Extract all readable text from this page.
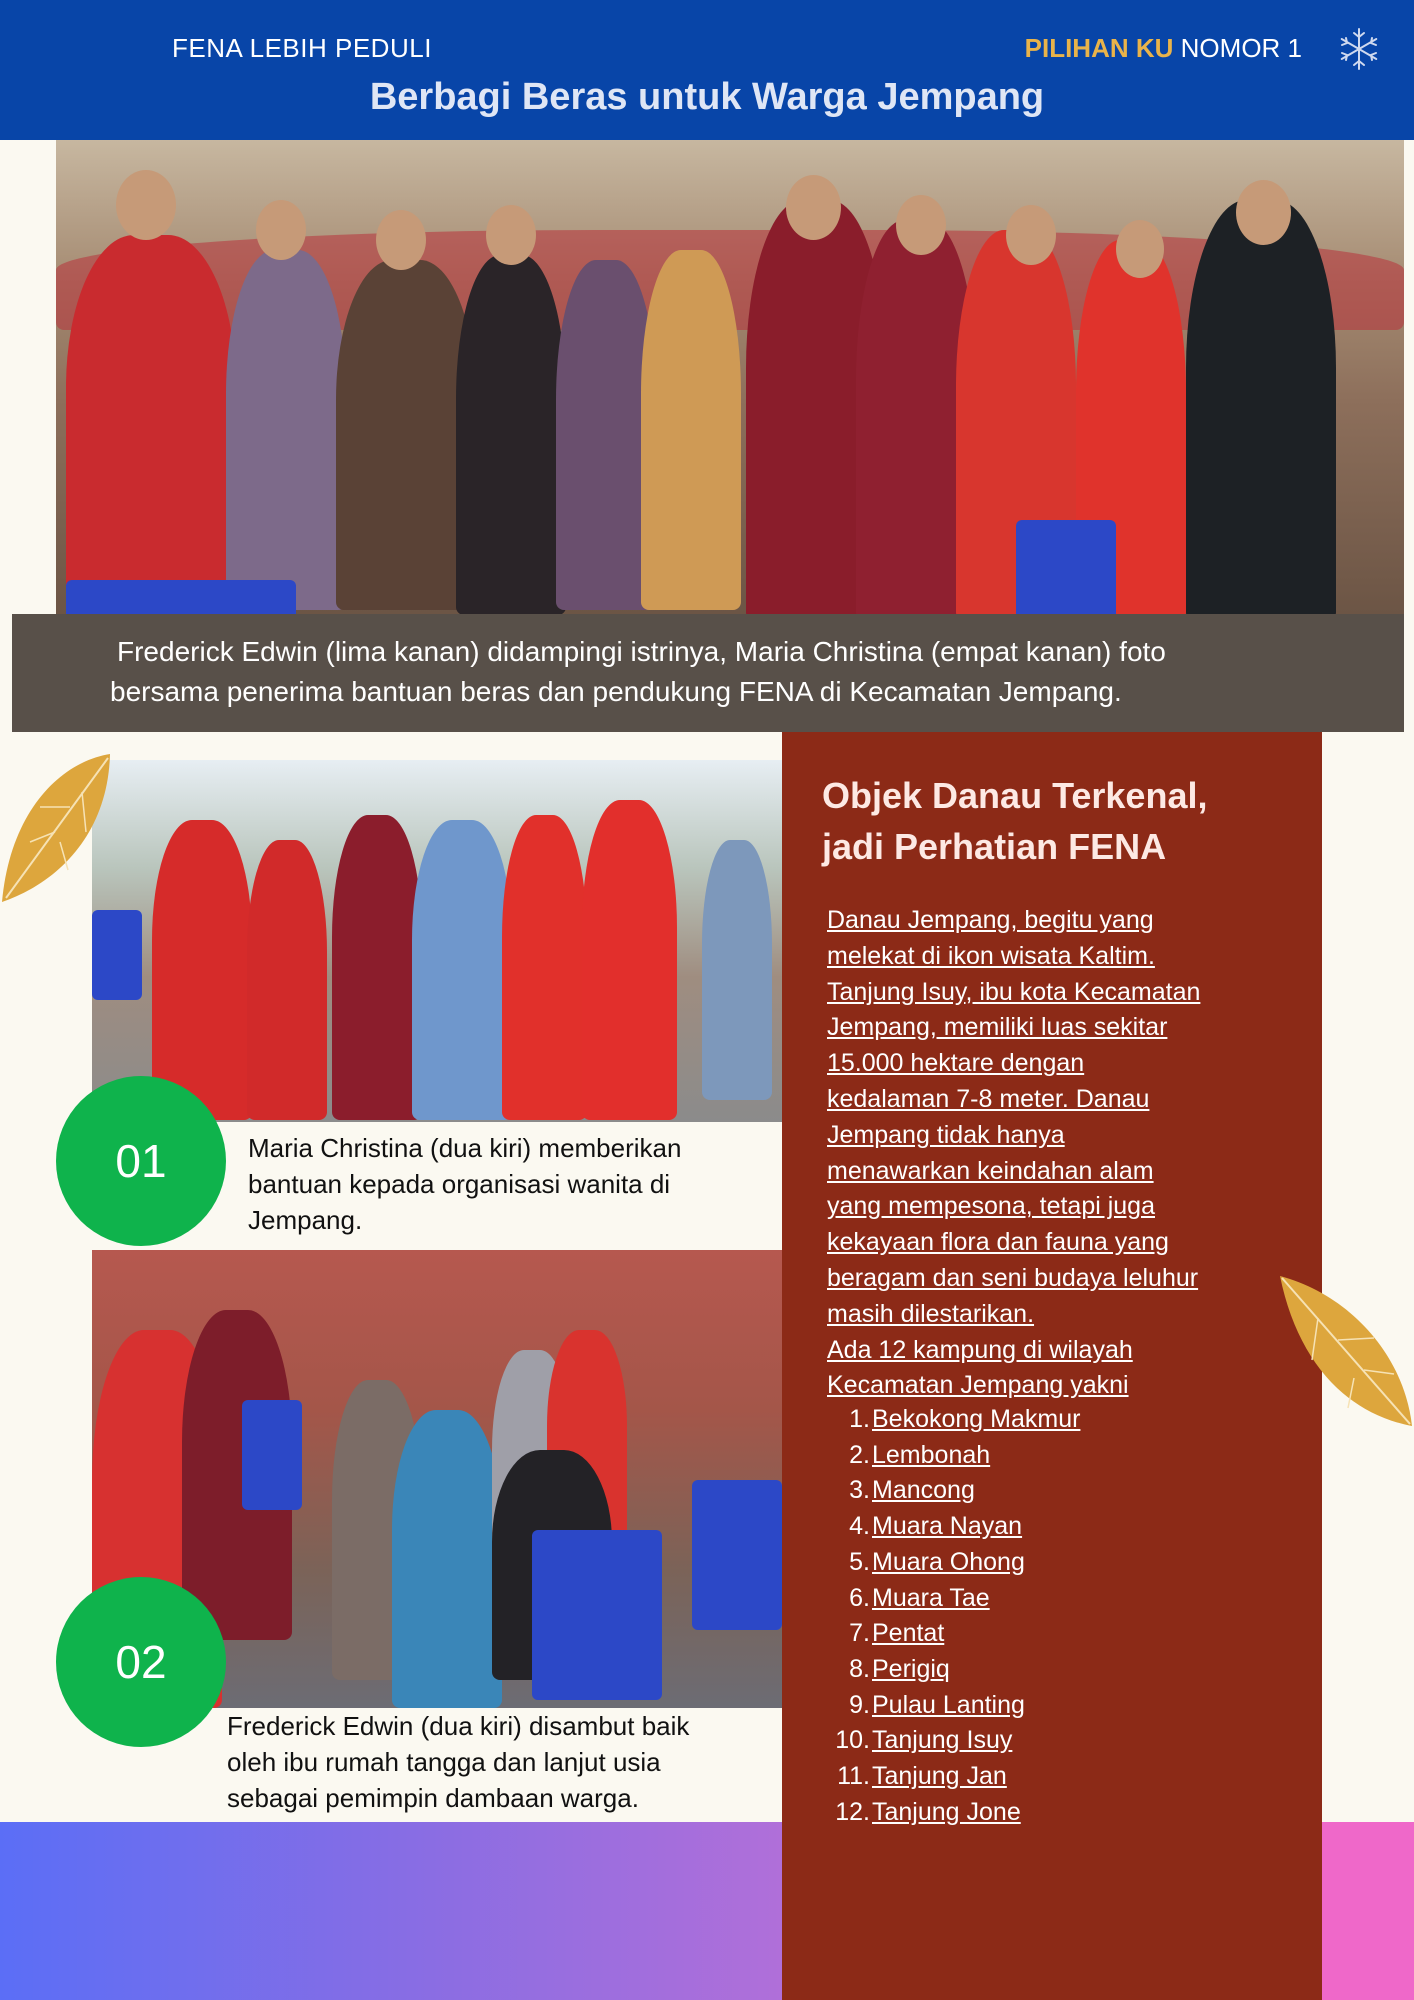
FENA LEBIH PEDULI	PILIHAN KU NOMOR 1
Berbagi Beras untuk Warga Jempang
Frederick Edwin (lima kanan) didampingi istrinya, Maria Christina (empat kanan) foto
bersama penerima bantuan beras dan pendukung FENA di Kecamatan Jempang.
01	Maria Christina (dua kiri) memberikan
bantuan kepada organisasi wanita di
Jempang.
02
Frederick Edwin (dua kiri) disambut baik
oleh ibu rumah tangga dan lanjut usia
sebagai pemimpin dambaan warga.
Objek Danau Terkenal,
jadi Perhatian FENA
Danau Jempang, begitu yang
melekat di ikon wisata Kaltim.
Tanjung Isuy, ibu kota Kecamatan
Jempang, memiliki luas sekitar
15.000 hektare dengan
kedalaman 7-8 meter. Danau
Jempang tidak hanya
menawarkan keindahan alam
yang mempesona, tetapi juga
kekayaan flora dan fauna yang
beragam dan seni budaya leluhur
masih dilestarikan.
Ada 12 kampung di wilayah
Kecamatan Jempang yakni
1. Bekokong Makmur
2. Lembonah
3. Mancong
4. Muara Nayan
5. Muara Ohong
6. Muara Tae
7. Pentat
8. Perigiq
9. Pulau Lanting
10. Tanjung Isuy
11. Tanjung Jan
12. Tanjung Jone
